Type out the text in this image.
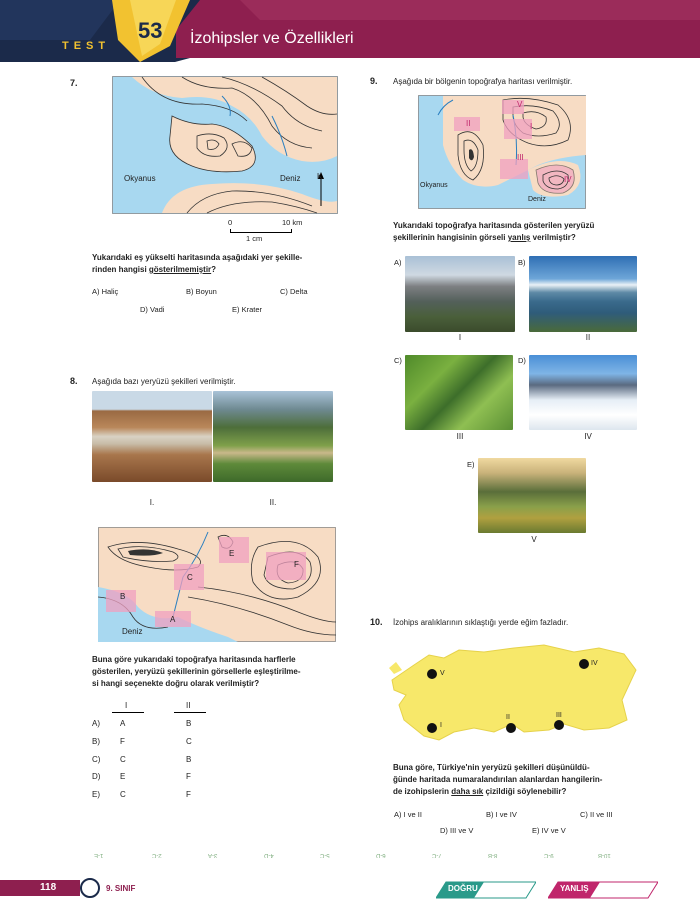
TEST
53 İzohipsler ve Özellikleri
7.
Okyanus	Deniz K
0	10 km
1 cm
Yukarıdaki eş yükselti haritasında aşağıdaki yer şekille-
rinden hangisi gösterilmemiştir?
A) Haliç	B) Boyun	C) Delta
D) Vadi	E) Krater
8. Aşağıda bazı yeryüzü şekilleri verilmiştir.
I.	II.
E
F
C
B
A
Deniz
Buna göre yukarıdaki topoğrafya haritasında harflerle
gösterilen, yeryüzü şekillerinin görsellerle eşleştirilme-
si hangi seçenekte doğru olarak verilmiştir?
I	II
A)	A	B
B)	F	C
C) C	B
D) E	F
E)	C	F
9. Aşağıda bir bölgenin topoğrafya haritası verilmiştir.
V
II	I
III
IV
Okyanus
Deniz
Yukarıdaki topoğrafya haritasında gösterilen yeryüzü
şekillerinin hangisinin görseli yanlış verilmiştir?
A)
I
B)
II
C)
III
D)
IV
E)
V
10. İzohips aralıklarının sıklaştığı yerde eğim fazladır.
V
IV
I
II	III
Buna göre, Türkiye'nin yeryüzü şekilleri düşünüldü-
ğünde haritada numaralandırılan alanlardan hangilerin-
de izohipslerin daha sık çizildiği söylenebilir?
A) I ve II	B) I ve IV	C) II ve III
D) III ve V	E) IV ve V
1-E	2-C	3-A	4-D	5-C	6-D	7-C	8-B	9-C	10-B
118	9. SINIF	DOĞRU	YANLIŞ
